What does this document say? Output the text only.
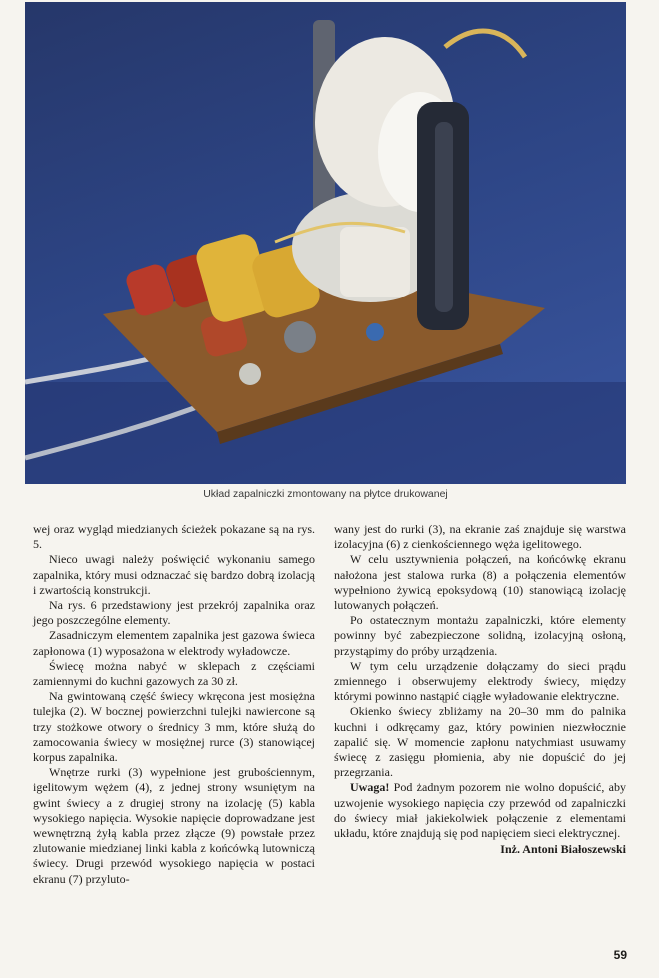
Układ zapalniczki zmontowany na płytce drukowanej

wej oraz wygląd miedzianych ścieżek pokazane są na rys. 5.

Nieco uwagi należy poświęcić wykonaniu samego zapalnika, który musi odznaczać się bardzo dobrą izolacją i zwartością konstrukcji.

Na rys. 6 przedstawiony jest przekrój zapalnika oraz jego poszczególne elementy.

Zasadniczym elementem zapalnika jest gazowa świeca zapłonowa (1) wyposażona w elektrody wyładowcze.

Świecę można nabyć w sklepach z częściami zamiennymi do kuchni gazowych za 30 zł.

Na gwintowaną część świecy wkręcona jest mosiężna tulejka (2). W bocznej powierzchni tulejki nawiercone są trzy stożkowe otwory o średnicy 3 mm, które służą do zamocowania świecy w mosiężnej rurce (3) stanowiącej korpus zapalnika.

Wnętrze rurki (3) wypełnione jest grubościennym, igelitowym wężem (4), z jednej strony wsuniętym na gwint świecy a z drugiej strony na izolację (5) kabla wysokiego napięcia. Wysokie napięcie doprowadzane jest wewnętrzną żyłą kabla przez złącze (9) powstałe przez zlutowanie miedzianej linki kabla z końcówką lutowniczą świecy. Drugi przewód wysokiego napięcia w postaci ekranu (7) przyluto-

wany jest do rurki (3), na ekranie zaś znajduje się warstwa izolacyjna (6) z cienkościennego węża igelitowego.

W celu usztywnienia połączeń, na końcówkę ekranu nałożona jest stalowa rurka (8) a połączenia elementów wypełniono żywicą epoksydową (10) stanowiącą izolację lutowanych połączeń.

Po ostatecznym montażu zapalniczki, które elementy powinny być zabezpieczone solidną, izolacyjną osłoną, przystąpimy do próby urządzenia.

W tym celu urządzenie dołączamy do sieci prądu zmiennego i obserwujemy elektrody świecy, między którymi powinno nastąpić ciągłe wyładowanie elektryczne.

Okienko świecy zbliżamy na 20–30 mm do palnika kuchni i odkręcamy gaz, który powinien niezwłocznie zapalić się. W momencie zapłonu natychmiast usuwamy świecę z zasięgu płomienia, aby nie dopuścić do jej przegrzania.

Uwaga! Pod żadnym pozorem nie wolno dopuścić, aby uzwojenie wysokiego napięcia czy przewód od zapalniczki do świecy miał jakiekolwiek połączenie z elementami układu, które znajdują się pod napięciem sieci elektrycznej.

Inż. Antoni Białoszewski
59
